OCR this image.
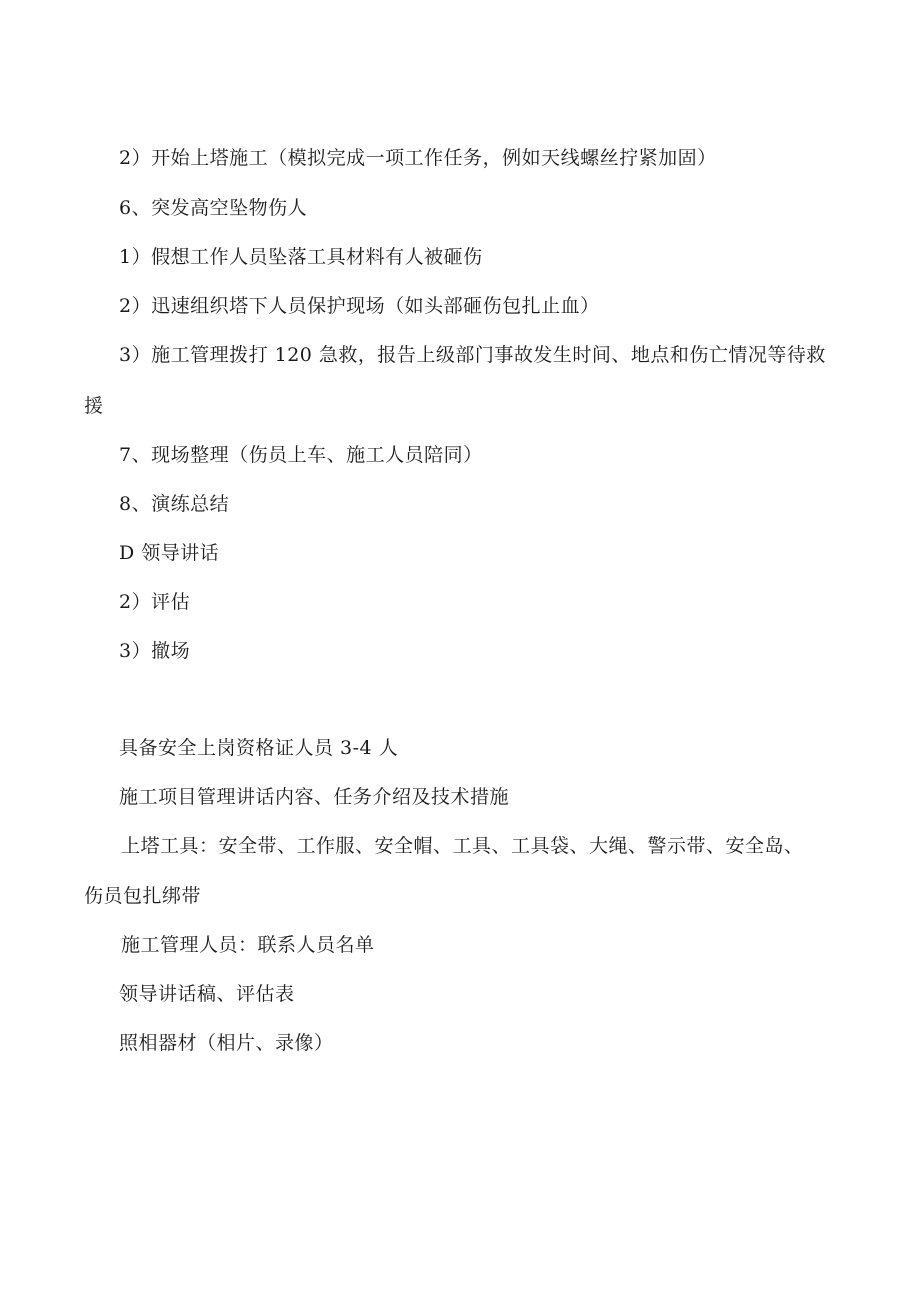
2）开始上塔施工（模拟完成一项工作任务，例如天线螺丝拧紧加固）
6、突发高空坠物伤人
1）假想工作人员坠落工具材料有人被砸伤
2）迅速组织塔下人员保护现场（如头部砸伤包扎止血）
3）施工管理拨打 120 急救，报告上级部门事故发生时间、地点和伤亡情况等待救
援
7、现场整理（伤员上车、施工人员陪同）
8、演练总结
D 领导讲话
2）评估
3）撤场
具备安全上岗资格证人员 3-4 人
施工项目管理讲话内容、任务介绍及技术措施
上塔工具：安全带、工作服、安全帽、工具、工具袋、大绳、警示带、安全岛、
伤员包扎绑带
施工管理人员：联系人员名单
领导讲话稿、评估表
照相器材（相片、录像）
